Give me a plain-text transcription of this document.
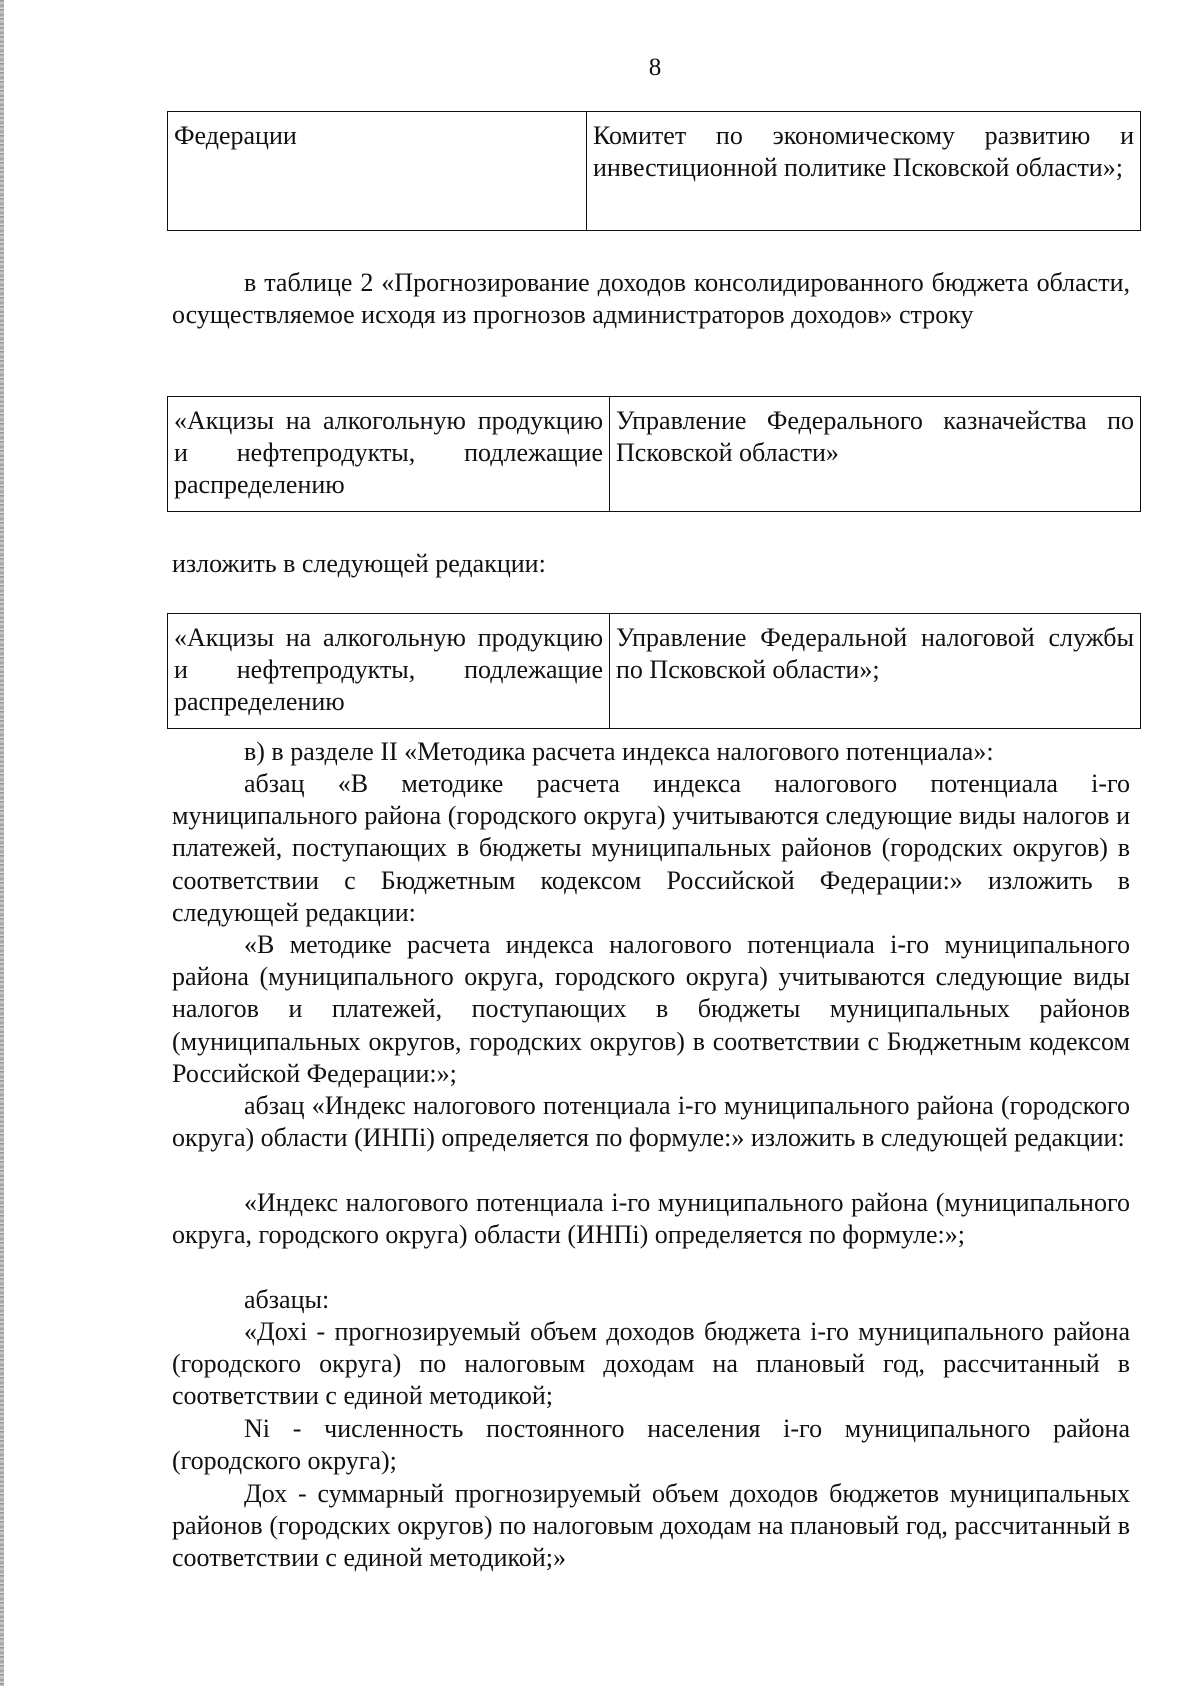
8
Федерации	Комитет по экономическому развитию и инвестиционной политике Псковской области»;

в таблице 2 «Прогнозирование доходов консолидированного бюджета области, осуществляемое исходя из прогнозов администраторов доходов» строку

«Акцизы на алкогольную продукцию и нефтепродукты, подлежащие распределению	Управление Федерального казначейства по Псковской области»

изложить в следующей редакции:

«Акцизы на алкогольную продукцию и нефтепродукты, подлежащие распределению	Управление Федеральной налоговой службы по Псковской области»;

в) в разделе II «Методика расчета индекса налогового потенциала»:

абзац «В методике расчета индекса налогового потенциала i-го муниципального района (городского округа) учитываются следующие виды налогов и платежей, поступающих в бюджеты муниципальных районов (городских округов) в соответствии с Бюджетным кодексом Российской Федерации:» изложить в следующей редакции:

«В методике расчета индекса налогового потенциала i-го муниципального района (муниципального округа, городского округа) учитываются следующие виды налогов и платежей, поступающих в бюджеты муниципальных районов (муниципальных округов, городских округов) в соответствии с Бюджетным кодексом Российской Федерации:»;

абзац «Индекс налогового потенциала i-го муниципального района (городского округа) области (ИНПi) определяется по формуле:» изложить в следующей редакции:

«Индекс налогового потенциала i-го муниципального района (муниципального округа, городского округа) области (ИНПi) определяется по формуле:»;

абзацы:

«Дохi - прогнозируемый объем доходов бюджета i-го муниципального района (городского округа) по налоговым доходам на плановый год, рассчитанный в соответствии с единой методикой;

Ni - численность постоянного населения i-го муниципального района (городского округа);

Дох - суммарный прогнозируемый объем доходов бюджетов муниципальных районов (городских округов) по налоговым доходам на плановый год, рассчитанный в соответствии с единой методикой;»
